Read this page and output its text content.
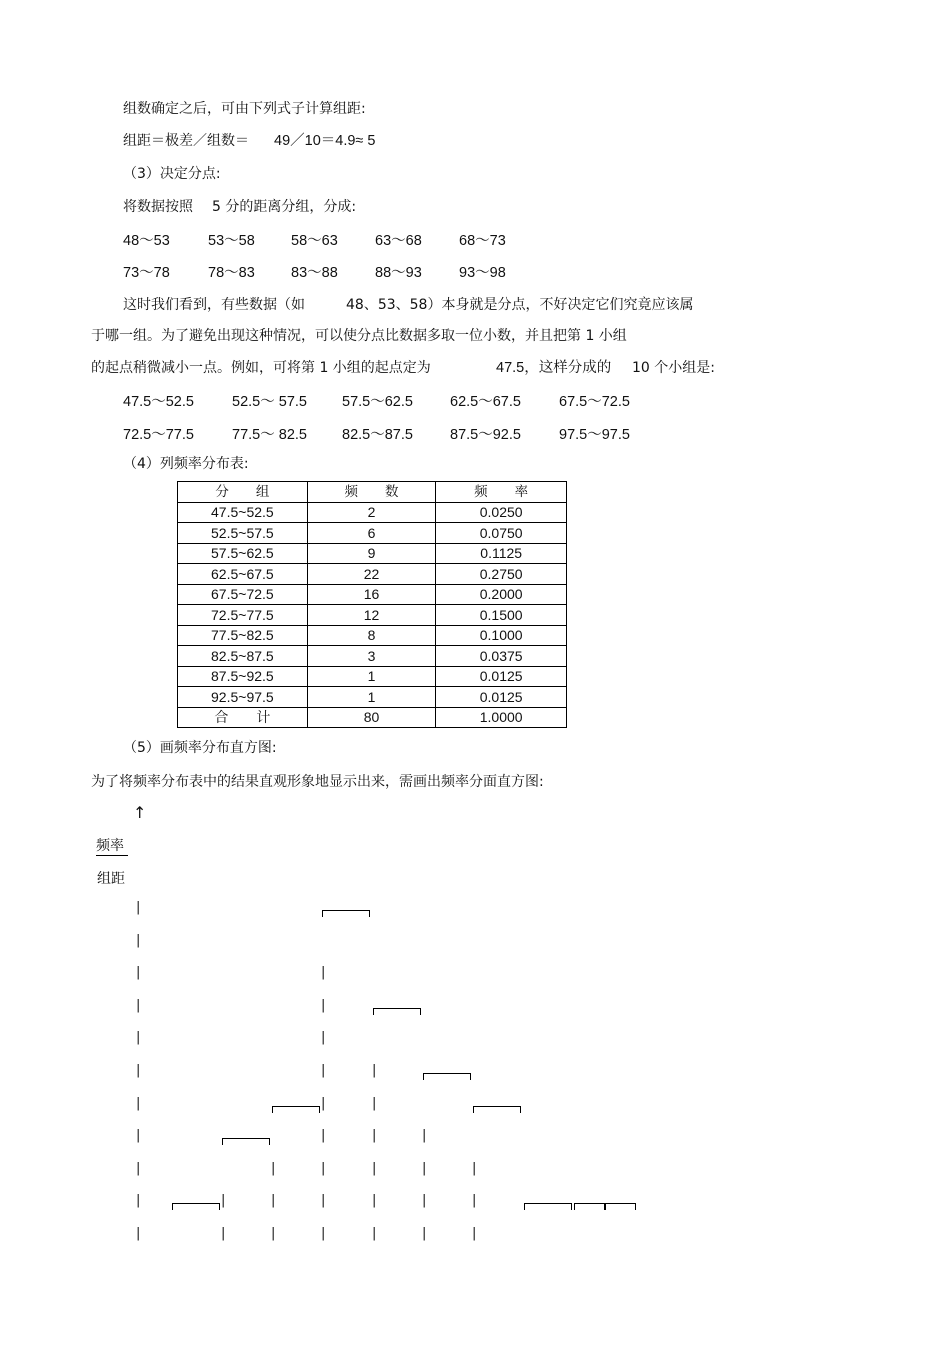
组数确定之后，可由下列式子计算组距:
组距＝极差／组数＝ 49／10＝4.9≈ 5
（3）决定分点:
将数据按照 5 分的距离分组，分成:
48～53	53～58 58～63	63～68	68～73
73～78	78～83 83～88	88～93	93～98
这时我们看到，有些数据（如	48、53、58）本身就是分点，不好决定它们究竟应该属
于哪一组。为了避免出现这种情况，可以使分点比数据多取一位小数，并且把第 1 小组
的起点稍微减小一点。例如，可将第 1 小组的起点定为	47.5，这样分成的 10 个小组是:
47.5～52.5	52.5～ 57.5 57.5～62.5	62.5～67.5	67.5～72.5
72.5～77.5	77.5～ 82.5 82.5～87.5	87.5～92.5	97.5～97.5
（4）列频率分布表:
分　　组	频　　数	频　　率
47.5~52.5	2	0.0250
52.5~57.5	6	0.0750
57.5~62.5	9	0.1125
62.5~67.5	22	0.2750
67.5~72.5	16	0.2000
72.5~77.5	12	0.1500
77.5~82.5	8	0.1000
82.5~87.5	3	0.0375
87.5~92.5	1	0.0125
92.5~97.5	1	0.0125
合　　计	80	1.0000
（5）画频率分布直方图:
为了将频率分布表中的结果直观形象地显示出来，需画出频率分面直方图:
↑
频率
组距
|
|
|
|
|
|
|
|
|
|
|
|
|
|
|
|
|
|
|
|
|
|
|
|
|
|
|
|
|
|
|
|
|
|
|
|
|
|
